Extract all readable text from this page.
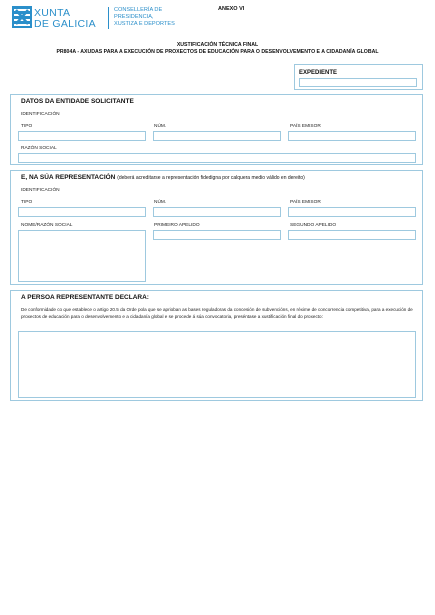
XUNTA
DE GALICIA
CONSELLERÍA DE
PRESIDENCIA,
XUSTIZA E DEPORTES
ANEXO VI
XUSTIFICACIÓN TÉCNICA FINAL
PR804A - AXUDAS PARA A EXECUCIÓN DE PROXECTOS DE EDUCACIÓN PARA O DESENVOLVEMENTO E A CIDADANÍA GLOBAL
EXPEDIENTE
DATOS DA ENTIDADE SOLICITANTE
IDENTIFICACIÓN
TIPO	NÚM.	PAÍS EMISOR
RAZÓN SOCIAL
E, NA SÚA REPRESENTACIÓN (deberá acreditarse a representación fidedigna por calquera medio válido en dereito)
IDENTIFICACIÓN
TIPO	NÚM.	PAÍS EMISOR
NOME/RAZÓN SOCIAL	PRIMEIRO APELIDO	SEGUNDO APELIDO
A PERSOA REPRESENTANTE DECLARA:
De conformidade co que establece o artigo 20.5 da Orde pola que se aprioban as bases reguladoras da concesión de subvencións, en réxime de concorrencia competitiva, para a execución de proxectos de educación para o desenvolvemento e a cidadanía global e se procede á súa convocatoria, preséntase a xustificación final do proxecto:
